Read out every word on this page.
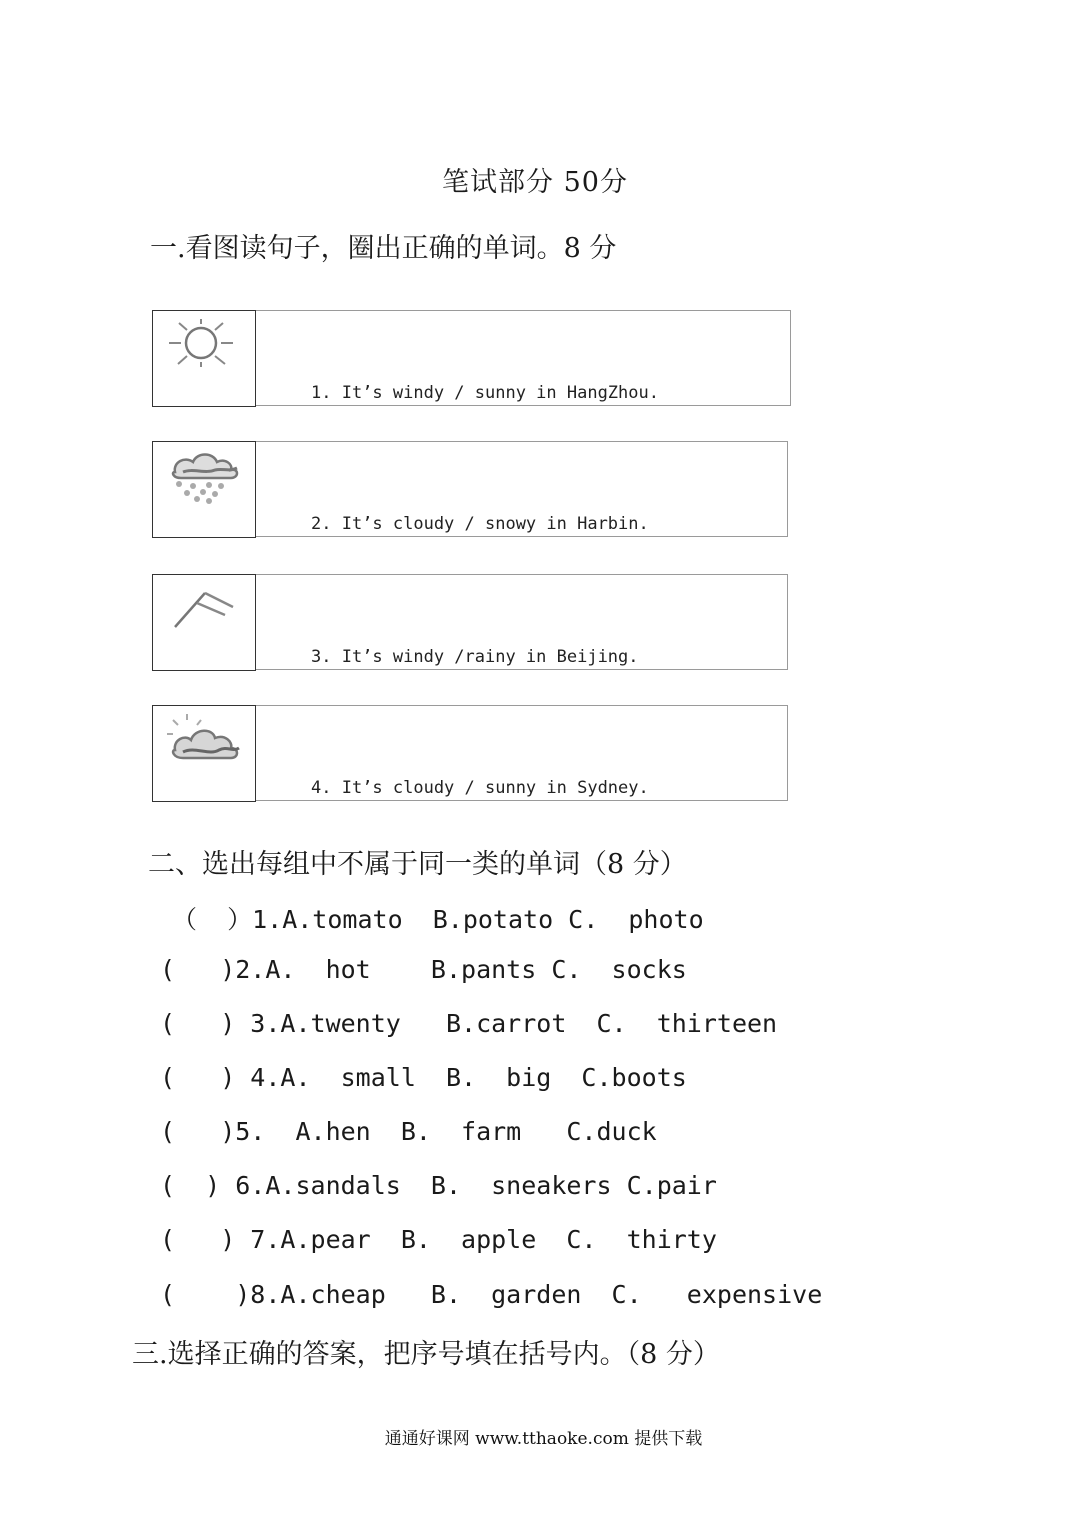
笔试部分 50分
一.看图读句子，圈出正确的单词。8 分
1. It’s windy / sunny in HangZhou.
2. It’s cloudy / snowy in Harbin.
3. It’s windy /rainy in Beijing.
4. It’s cloudy / sunny in Sydney.
二、选出每组中不属于同一类的单词（8 分）
（  ）1.A.tomato  B.potato C.  photo
(   )2.A.  hot    B.pants C.  socks
(   ) 3.A.twenty   B.carrot  C.  thirteen
(   ) 4.A.  small  B.  big  C.boots
(   )5.  A.hen  B.  farm   C.duck
(  ) 6.A.sandals  B.  sneakers C.pair
(   ) 7.A.pear  B.  apple  C.  thirty
(    )8.A.cheap   B.  garden  C.   expensive
三.选择正确的答案，把序号填在括号内。（8 分）
通通好课网 www.tthaoke.com 提供下载
